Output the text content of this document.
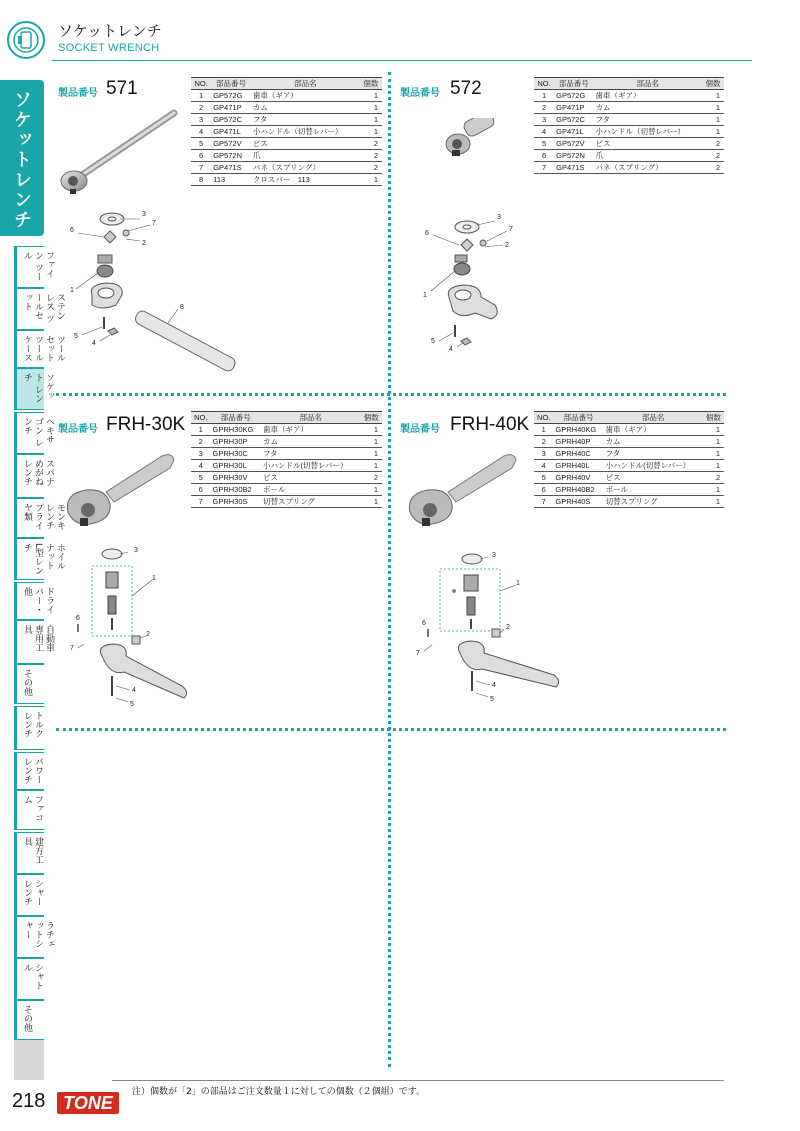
ソケットレンチ
SOCKET WRENCH
ソケットレンチ
ファイン ツール
ステンレス ツールセット
ツールセット ツールケース
ソケット レンチ
ヘキサゴン レンチ
スパナ めがねレンチ
モンキレンチ プライヤ類
ホイルナット L型レンチ
ドライバー・他
自動車 専用工具
その他
トルクレンチ
パワーレンチ
ファコム
建方工具
シャーレンチ
ラチェットシャー
シャトル
その他
製品番号 571	NO.	部品番号	部品名	個数
1	GP572G	歯車（ギア）	1
2	GP471P	カム	1
3	GP572C	フタ	1
4	GP471L	小ハンドル（切替レバー）	1
5	GP572V	ビス	2
6	GP572N	爪	2
7	GP471S	バネ（スプリング）	2
8	113	クロスバー　113	1
3
7
2
6
1
8
5
4
製品番号 572	NO.	部品番号	部品名	個数
1	GP572G	歯車（ギア）	1
2	GP471P	カム	1
3	GP572C	フタ	1
4	GP471L	小ハンドル（切替レバー）	1
5	GP572V	ビス	2
6	GP572N	爪	2
7	GP471S	バネ（スプリング）	2
3
7
2
6
1
5
4
製品番号 FRH-30K NO.	部品番号	部品名	個数
1	GPRH30KG	歯車（ギア）	1
2	GPRH30P	カム	1
3	GPRH30C	フタ	1
4	GPRH30L	小ハンドル(切替レバー）	1
5	GPRH30V	ビス	2
6	GPRH30B2	ボール	1
7	GPRH30S	切替スプリング	1
3
1
2
6
7
4
5
製品番号 FRH-40K NO.	部品番号	部品名	個数
1	GPRH40KG	歯車（ギア）	1
2	GPRH40P	カム	1
3	GPRH40C	フタ	1
4	GPRH40L	小ハンドル(切替レバー）	1
5	GPRH40V	ビス	2
6	GPRH40B2	ボール	1
7	GPRH40S	切替スプリング	1
3
1
2
6
7
4
5
注）個数が「2」の部品はご注文数量１に対しての個数（２個組）です。
218 TONE
